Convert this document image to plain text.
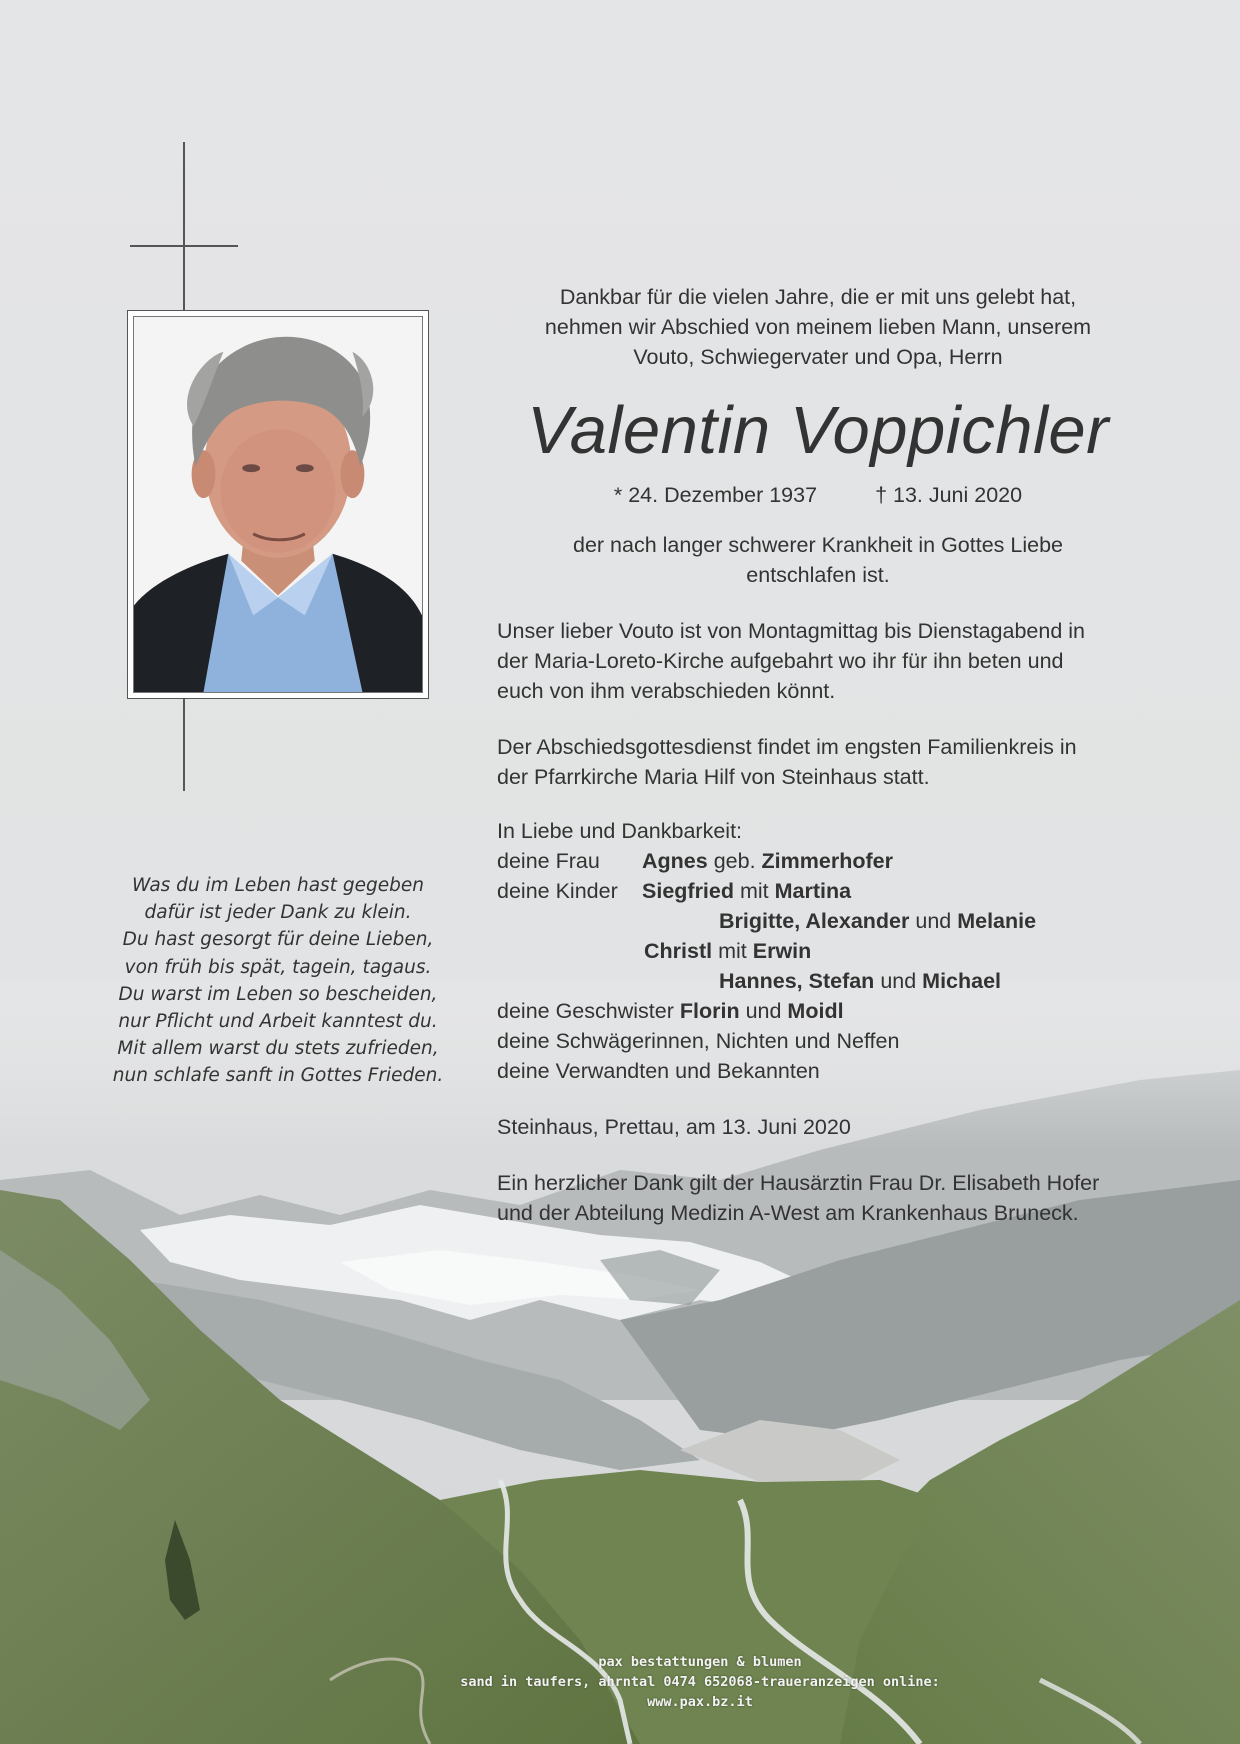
Was du im Leben hast gegeben
dafür ist jeder Dank zu klein.
Du hast gesorgt für deine Lieben,
von früh bis spät, tagein, tagaus.
Du warst im Leben so bescheiden,
nur Pflicht und Arbeit kanntest du.
Mit allem warst du stets zufrieden,
nun schlafe sanft in Gottes Frieden.
Dankbar für die vielen Jahre, die er mit uns gelebt hat,
nehmen wir Abschied von meinem lieben Mann, unserem
Vouto, Schwiegervater und Opa, Herrn
Valentin Voppichler
* 24. Dezember 1937	† 13. Juni 2020
der nach langer schwerer Krankheit in Gottes Liebe
entschlafen ist.
Unser lieber Vouto ist von Montagmittag bis Dienstagabend in
der Maria-Loreto-Kirche aufgebahrt wo ihr für ihn beten und
euch von ihm verabschieden könnt.
Der Abschiedsgottesdienst findet im engsten Familienkreis in
der Pfarrkirche Maria Hilf von Steinhaus statt.
In Liebe und Dankbarkeit:
deine Frau Agnes geb. Zimmerhofer
deine Kinder Siegfried mit Martina
Brigitte, Alexander und Melanie
Christl mit Erwin
Hannes, Stefan und Michael
deine Geschwister Florin und Moidl
deine Schwägerinnen, Nichten und Neffen
deine Verwandten und Bekannten
Steinhaus, Prettau, am 13. Juni 2020
Ein herzlicher Dank gilt der Hausärztin Frau Dr. Elisabeth Hofer
und der Abteilung Medizin A-West am Krankenhaus Bruneck.
pax bestattungen & blumen
sand in taufers, ahrntal 0474 652068-traueranzeigen online: www.pax.bz.it
